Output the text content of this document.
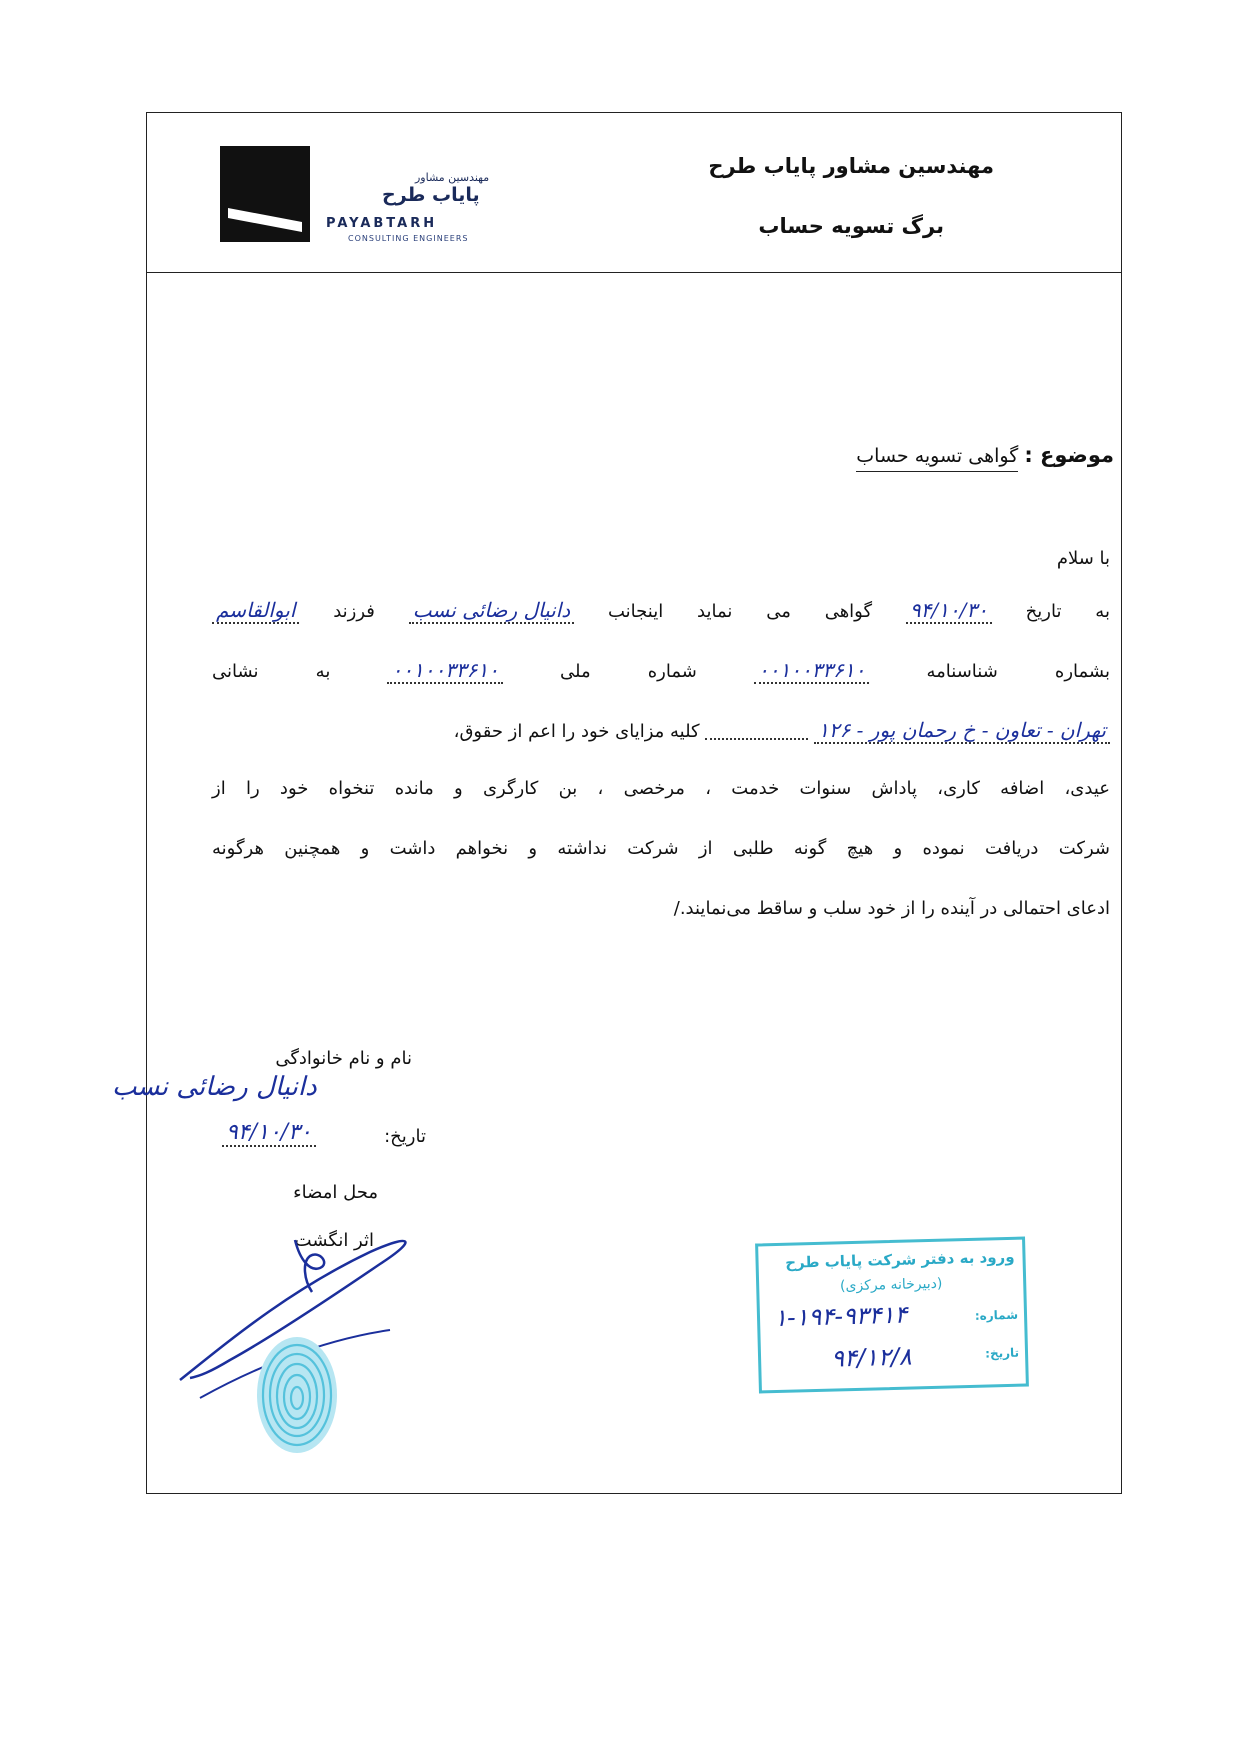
مهندسین مشاور
پایاب طرح
PAYABTARH
CONSULTING ENGINEERS
مهندسین مشاور پایاب طرح
برگ تسویه حساب
موضوع : گواهی تسویه حساب
با سلام
به تاریخ ۹۴/۱۰/۳۰ گواهی می نماید اینجانب دانیال رضائی نسب فرزند ابوالقاسم
بشماره شناسنامه ۰۰۱۰۰۳۳۶۱۰ شماره ملی ۰۰۱۰۰۳۳۶۱۰ به نشانی
تهران - تعاون - خ رحمان پور - ۱۲۶  کلیه مزایای خود را اعم از حقوق،
عیدی، اضافه کاری، پاداش سنوات خدمت ، مرخصی ، بن کارگری و مانده تنخواه خود را از
شرکت دریافت نموده و هیچ گونه طلبی از شرکت نداشته و نخواهم داشت و همچنین هرگونه
ادعای احتمالی در آینده را از خود سلب و ساقط می‌نمایند./
نام و نام خانوادگی
دانیال رضائی نسب
تاریخ:
۹۴/۱۰/۳۰
محل امضاء
اثر انگشت
ورود به دفتر شرکت پایاب طرح
(دبیرخانه مرکزی)
شماره:
۱-۱۹۴-۹۳۴۱۴
تاریخ:
۹۴/۱۲/۸
